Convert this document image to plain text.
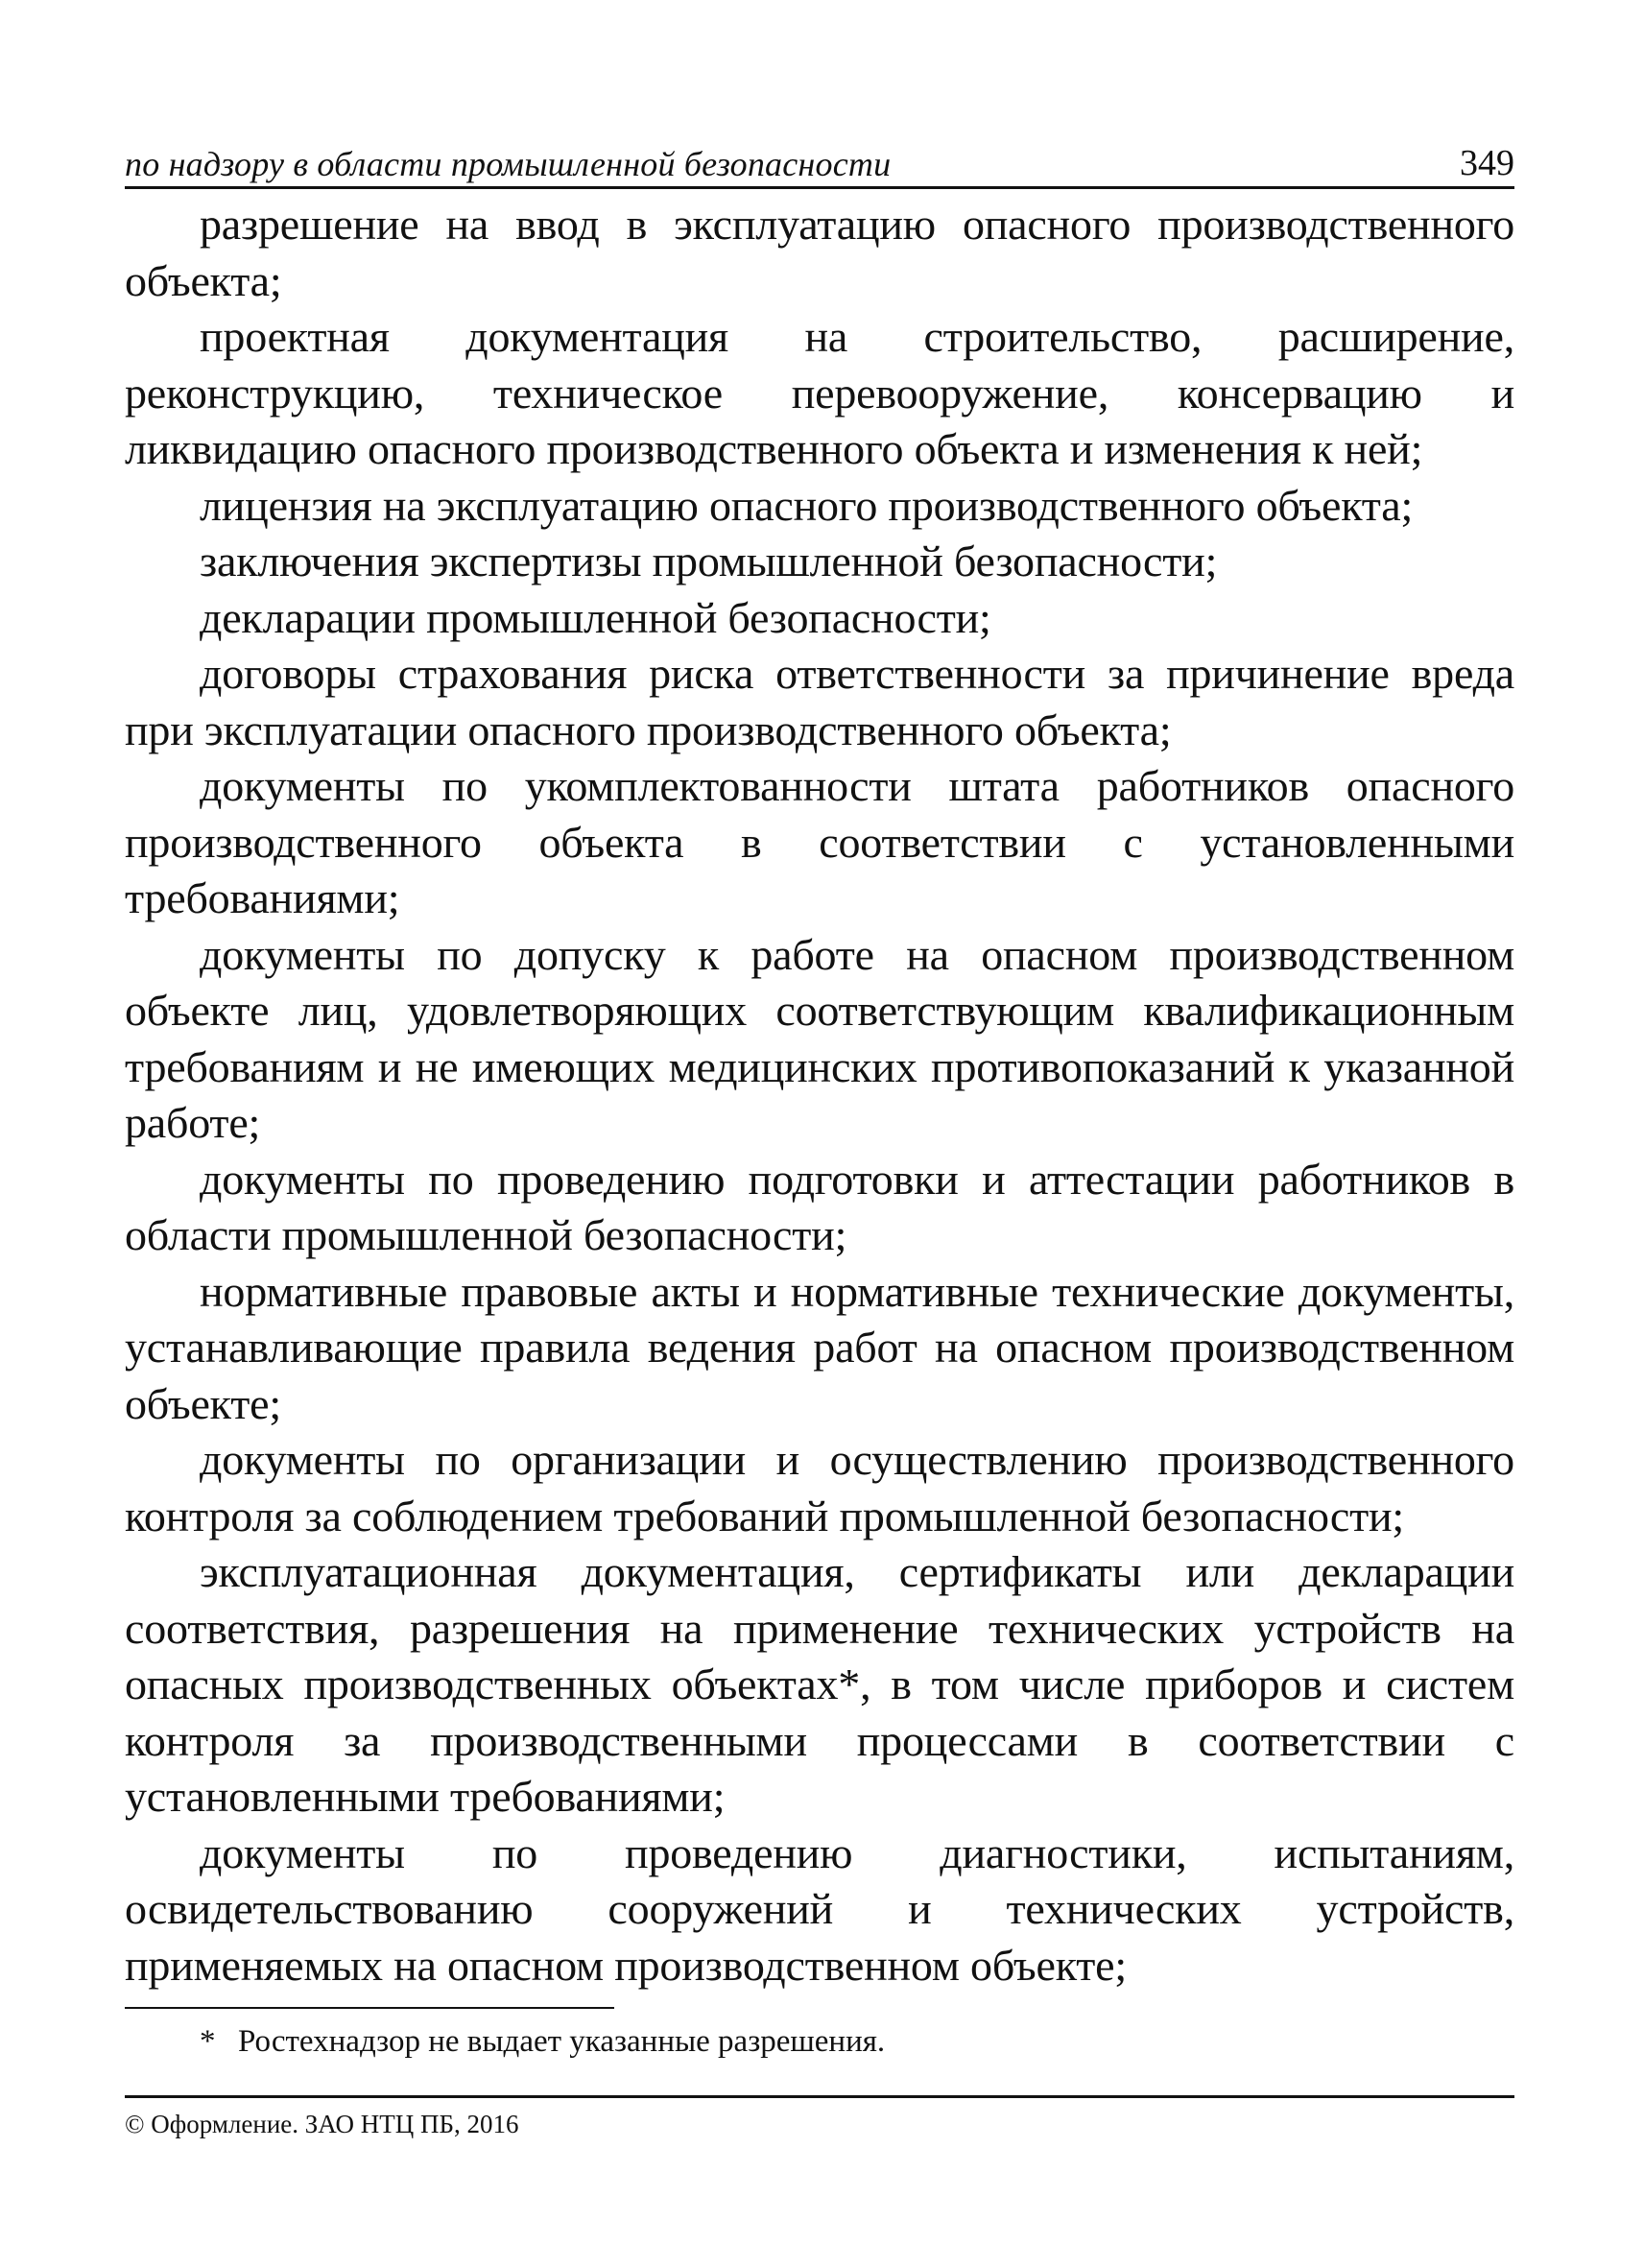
по надзору в области промышленной безопасности	349

разрешение на ввод в эксплуатацию опасного производственного объекта;

проектная документация на строительство, расширение, реконструкцию, техническое перевооружение, консервацию и ликвидацию опасного производственного объекта и изменения к ней;

лицензия на эксплуатацию опасного производственного объекта;

заключения экспертизы промышленной безопасности;

декларации промышленной безопасности;

договоры страхования риска ответственности за причинение вреда при эксплуатации опасного производственного объекта;

документы по укомплектованности штата работников опасного производственного объекта в соответствии с установленными требованиями;

документы по допуску к работе на опасном производственном объекте лиц, удовлетворяющих соответствующим квалификационным требованиям и не имеющих медицинских противопоказаний к указанной работе;

документы по проведению подготовки и аттестации работников в области промышленной безопасности;

нормативные правовые акты и нормативные технические документы, устанавливающие правила ведения работ на опасном производственном объекте;

документы по организации и осуществлению производственного контроля за соблюдением требований промышленной безопасности;

эксплуатационная документация, сертификаты или декларации соответствия, разрешения на применение технических устройств на опасных производственных объектах*, в том числе приборов и систем контроля за производственными процессами в соответствии с установленными требованиями;

документы по проведению диагностики, испытаниям, освидетельствованию сооружений и технических устройств, применяемых на опасном производственном объекте;

* Ростехнадзор не выдает указанные разрешения.

© Оформление. ЗАО НТЦ ПБ, 2016
